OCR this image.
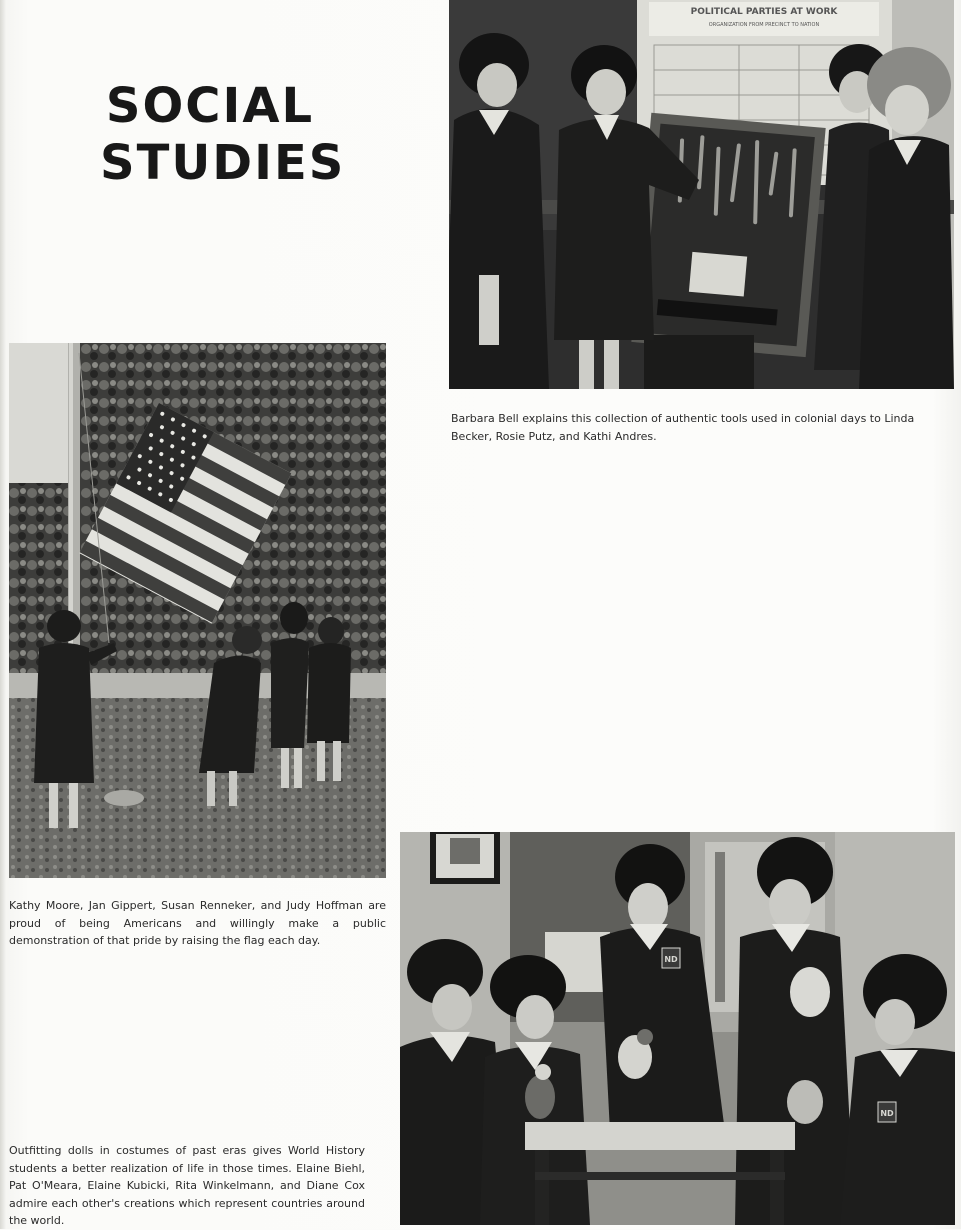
SOCIAL
STUDIES
POLITICAL PARTIES AT WORK
ORGANIZATION FROM PRECINCT TO NATION

Barbara Bell explains this collection of authentic tools used in colonial days to Linda Becker, Rosie Putz, and Kathi Andres.

Kathy Moore, Jan Gippert, Susan Renneker, and Judy Hoffman are proud of being Americans and willingly make a public demonstration of that pride by raising the flag each day.

ND
ND

Outfitting dolls in costumes of past eras gives World History students a better realization of life in those times. Elaine Biehl, Pat O'Meara, Elaine Kubicki, Rita Winkelmann, and Diane Cox admire each other's creations which represent countries around the world.
